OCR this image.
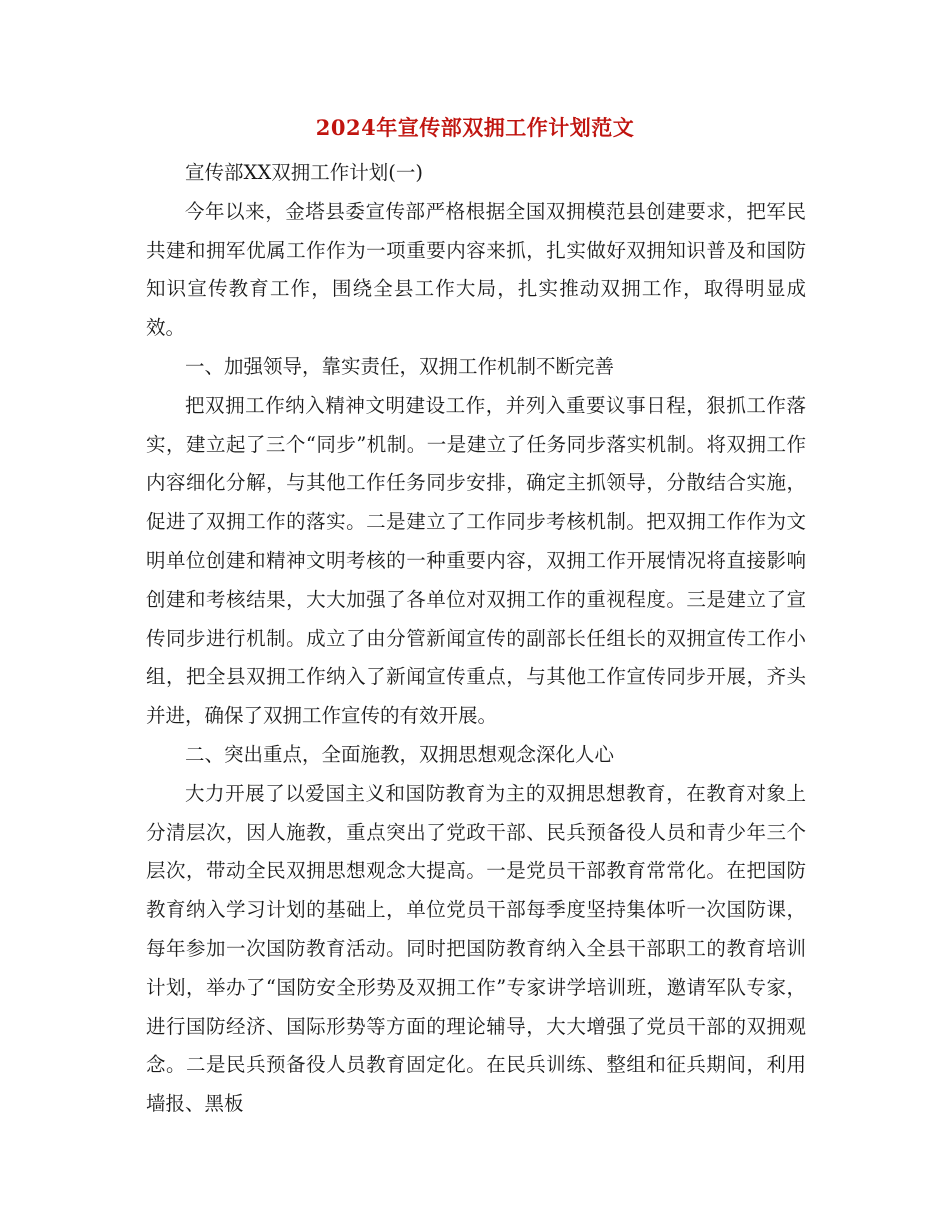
2024年宣传部双拥工作计划范文

宣传部XX双拥工作计划(一)

今年以来，金塔县委宣传部严格根据全国双拥模范县创建要求，把军民共建和拥军优属工作作为一项重要内容来抓，扎实做好双拥知识普及和国防知识宣传教育工作，围绕全县工作大局，扎实推动双拥工作，取得明显成效。

一、加强领导，靠实责任，双拥工作机制不断完善

把双拥工作纳入精神文明建设工作，并列入重要议事日程，狠抓工作落实，建立起了三个“同步”机制。一是建立了任务同步落实机制。将双拥工作内容细化分解，与其他工作任务同步安排，确定主抓领导，分散结合实施，促进了双拥工作的落实。二是建立了工作同步考核机制。把双拥工作作为文明单位创建和精神文明考核的一种重要内容，双拥工作开展情况将直接影响创建和考核结果，大大加强了各单位对双拥工作的重视程度。三是建立了宣传同步进行机制。成立了由分管新闻宣传的副部长任组长的双拥宣传工作小组，把全县双拥工作纳入了新闻宣传重点，与其他工作宣传同步开展，齐头并进，确保了双拥工作宣传的有效开展。

二、突出重点，全面施教，双拥思想观念深化人心

大力开展了以爱国主义和国防教育为主的双拥思想教育，在教育对象上分清层次，因人施教，重点突出了党政干部、民兵预备役人员和青少年三个层次，带动全民双拥思想观念大提高。一是党员干部教育常常化。在把国防教育纳入学习计划的基础上，单位党员干部每季度坚持集体听一次国防课，每年参加一次国防教育活动。同时把国防教育纳入全县干部职工的教育培训计划，举办了“国防安全形势及双拥工作”专家讲学培训班，邀请军队专家，进行国防经济、国际形势等方面的理论辅导，大大增强了党员干部的双拥观念。二是民兵预备役人员教育固定化。在民兵训练、整组和征兵期间，利用墙报、黑板
